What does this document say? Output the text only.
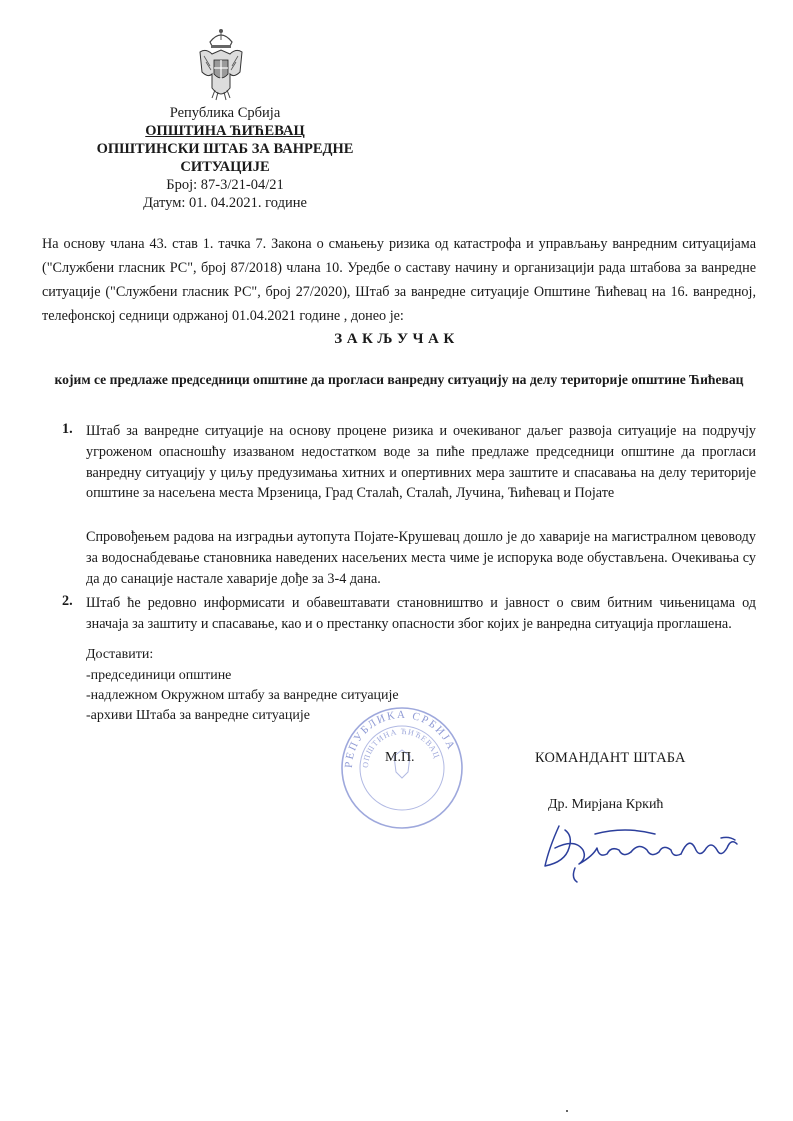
Република Србија
ОПШТИНА ЋИЋЕВАЦ
ОПШТИНСКИ ШТАБ ЗА ВАНРЕДНЕ
СИТУАЦИЈЕ
Број: 87-3/21-04/21
Датум: 01. 04.2021. године
На основу члана 43. став 1. тачка 7. Закона о смањењу ризика од катастрофа и управљању ванредним ситуацијама ("Службени гласник РС", број 87/2018) члана 10. Уредбе о саставу начину и организацији рада штабова за ванредне ситуације ("Службени гласник РС", број 27/2020), Штаб за ванредне ситуације Општине Ћићевац на 16. ванредној, телефонској седници одржаној 01.04.2021 године , донео је:
ЗАКЉУЧАК
којим се предлаже председници општине да прогласи ванредну ситуацију на делу територије општине Ћићевац
1. Штаб за ванредне ситуације на основу процене ризика и очекиваног даљег развоја ситуације на подручју угроженом опасношћу изазваном недостатком воде за пиће предлаже председници општине да прогласи ванредну ситуацију у циљу предузимања хитних и опертивних мера заштите и спасавања на делу територије општине за насељена места Мрзеница, Град Сталаћ, Сталаћ, Лучина, Ћићевац и Појате
Спровођењем радова на изградњи аутопута Појате-Крушевац дошло је до хаварије на магистралном цевоводу за водоснабдевање становника наведених насељених места чиме је испорука воде обустављена. Очекивања су да до санације настале хаварије дође за 3-4 дана.
2. Штаб ће редовно информисати и обавештавати становништво и јавност о свим битним чињеницама од значаја за заштиту и спасавање, као и о престанку опасности због којих је ванредна ситуација проглашена.
Доставити:
-председиници општине
-надлежном Окружном штабу за ванредне ситуације
-архиви Штаба за ванредне ситуације
РЕПУБЛИКА СРБИЈА
ОПШТИНА ЋИЋЕВАЦ
М.П.	КОМАНДАНТ ШТАБА
Др. Мирјана Кркић
